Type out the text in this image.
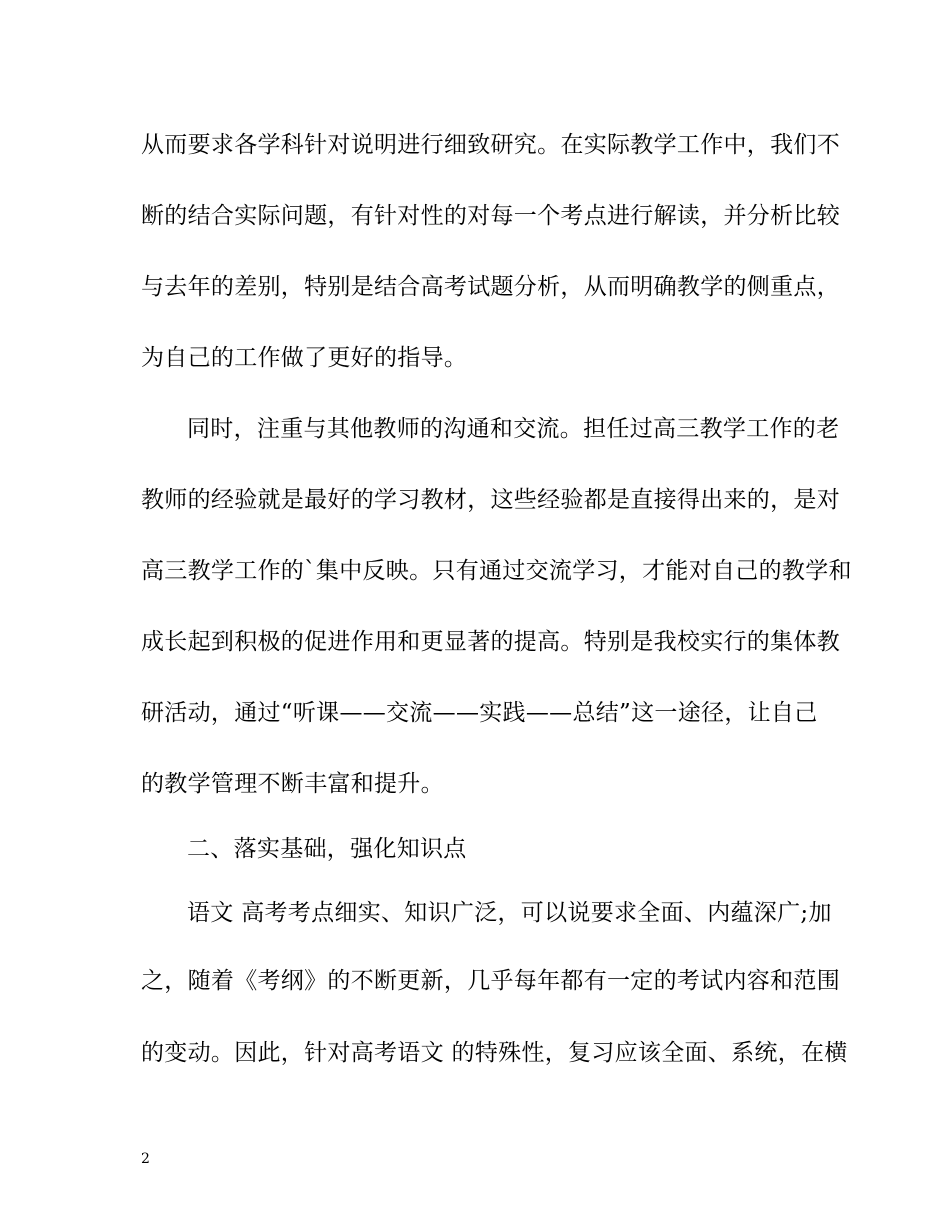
从而要求各学科针对说明进行细致研究。在实际教学工作中，我们不
断的结合实际问题，有针对性的对每一个考点进行解读，并分析比较
与去年的差别，特别是结合高考试题分析，从而明确教学的侧重点，
为自己的工作做了更好的指导。
同时，注重与其他教师的沟通和交流。担任过高三教学工作的老
教师的经验就是最好的学习教材，这些经验都是直接得出来的，是对
高三教学工作的`集中反映。只有通过交流学习，才能对自己的教学和
成长起到积极的促进作用和更显著的提高。特别是我校实行的集体教
研活动，通过“听课——交流——实践——总结”这一途径，让自己
的教学管理不断丰富和提升。
二、落实基础，强化知识点
语文 高考考点细实、知识广泛，可以说要求全面、内蕴深广;加
之，随着《考纲》的不断更新，几乎每年都有一定的考试内容和范围
的变动。因此，针对高考语文 的特殊性，复习应该全面、系统，在横
2
